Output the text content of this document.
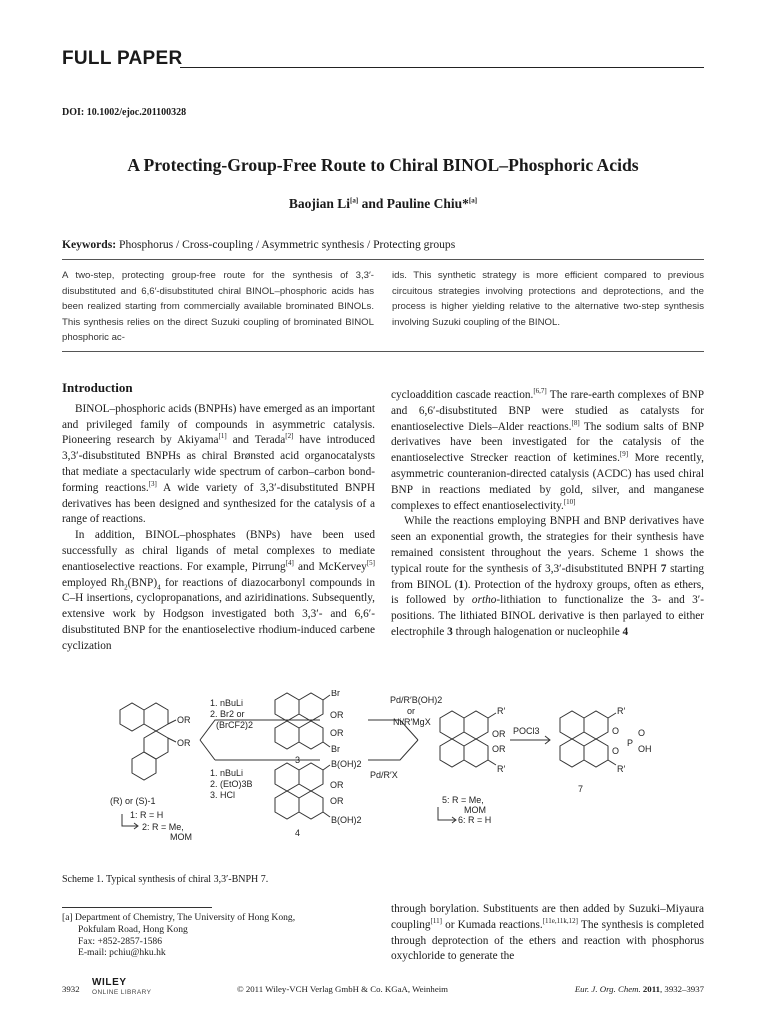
FULL PAPER
DOI: 10.1002/ejoc.201100328
A Protecting-Group-Free Route to Chiral BINOL–Phosphoric Acids
Baojian Li[a] and Pauline Chiu*[a]
Keywords: Phosphorus / Cross-coupling / Asymmetric synthesis / Protecting groups

A two-step, protecting group-free route for the synthesis of 3,3′-disubstituted and 6,6′-disubstituted chiral BINOL–phosphoric acids has been realized starting from commercially available brominated BINOLs. This synthesis relies on the direct Suzuki coupling of brominated BINOL phosphoric ac-

ids. This synthetic strategy is more efficient compared to previous circuitous strategies involving protections and deprotections, and the process is higher yielding relative to the alternative two-step synthesis involving Suzuki coupling of the BINOL.

Introduction

BINOL–phosphoric acids (BNPHs) have emerged as an important and privileged family of compounds in asymmetric catalysis. Pioneering research by Akiyama[1] and Terada[2] have introduced 3,3′-disubstituted BNPHs as chiral Brønsted acid organocatalysts that mediate a spectacularly wide spectrum of carbon–carbon bond-forming reactions.[3] A wide variety of 3,3′-disubstituted BNPH derivatives has been designed and synthesized for the catalysis of a range of reactions.

In addition, BINOL–phosphates (BNPs) have been used successfully as chiral ligands of metal complexes to mediate enantioselective reactions. For example, Pirrung[4] and McKervey[5] employed $Rh_2(BNP)_4$ for reactions of diazocarbonyl compounds in C–H insertions, cyclopropanations, and aziridinations. Subsequently, extensive work by Hodgson investigated both 3,3′- and 6,6′-disubstituted BNP for the enantioselective rhodium-induced carbene cyclization

cycloaddition cascade reaction.[6,7] The rare-earth complexes of BNP and 6,6′-disubstituted BNP were studied as catalysts for enantioselective Diels–Alder reactions.[8] The sodium salts of BNP derivatives have been investigated for the catalysis of the enantioselective Strecker reaction of ketimines.[9] More recently, asymmetric counteranion-directed catalysis (ACDC) has used chiral BNP in reactions mediated by gold, silver, and manganese complexes to effect enantioselectivity.[10]

While the reactions employing BNPH and BNP derivatives have seen an exponential growth, the strategies for their synthesis have remained consistent throughout the years. Scheme 1 shows the typical route for the synthesis of 3,3′-disubstituted BNPH 7 starting from BINOL (1). Protection of the hydroxy groups, often as ethers, is followed by ortho-lithiation to functionalize the 3- and 3′-positions. The lithiated BINOL derivative is then parlayed to either electrophile 3 through halogenation or nucleophile 4

OR
OR
1. nBuLi
2. Br2 or
(BrCF2)2
1. nBuLi
2. (EtO)3B
3. HCl
Br
OR
OR
Br
3	B(OH)2
OR
OR
B(OH)2
4
Pd/R′B(OH)2
or
Ni/R′MgX
Pd/R′X
R′
OR
OR
R′
POCl3
R′
O
P
O
OH
O
R′
7
(R) or (S)-1
1: R = H
2: R = Me,
MOM
5: R = Me,
MOM
6: R = H
Scheme 1. Typical synthesis of chiral 3,3′-BNPH 7.

through borylation. Substituents are then added by Suzuki–Miyaura coupling[11] or Kumada reactions.[11e,11k,12] The synthesis is completed through deprotection of the ethers and reaction with phosphorus oxychloride to generate the

[a] Department of Chemistry, The University of Hong Kong,
Pokfulam Road, Hong Kong
Fax: +852-2857-1586
E-mail: pchiu@hku.hk
3932
WILEY
ONLINE LIBRARY	© 2011 Wiley-VCH Verlag GmbH & Co. KGaA, Weinheim	Eur. J. Org. Chem. 2011, 3932–3937
